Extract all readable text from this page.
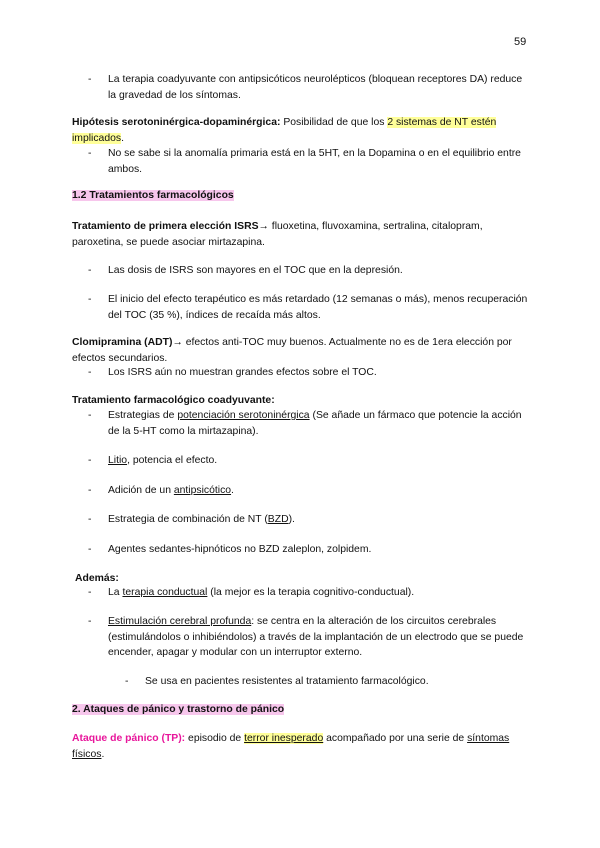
59
-	La terapia coadyuvante con antipsicóticos neurolépticos (bloquean receptores DA) reduce la gravedad de los síntomas.

Hipótesis serotoninérgica-dopaminérgica: Posibilidad de que los 2 sistemas de NT estén
implicados.

-	No se sabe si la anomalía primaria está en la 5HT, en la Dopamina o en el equilibrio entre ambos.

1.2 Tratamientos farmacológicos

Tratamiento de primera elección ISRS→ fluoxetina, fluvoxamina, sertralina, citalopram, paroxetina, se puede asociar mirtazapina.

-	Las dosis de ISRS son mayores en el TOC que en la depresión.
-	El inicio del efecto terapéutico es más retardado (12 semanas o más), menos recuperación del TOC (35 %), índices de recaída más altos.

Clomipramina (ADT)→ efectos anti-TOC muy buenos. Actualmente no es de 1era elección por efectos secundarios.

-	Los ISRS aún no muestran grandes efectos sobre el TOC.

Tratamiento farmacológico coadyuvante:

-	Estrategias de potenciación serotoninérgica (Se añade un fármaco que potencie la acción de la 5-HT como la mirtazapina).
-	Litio, potencia el efecto.
-	Adición de un antipsicótico.
-	Estrategia de combinación de NT (BZD).
-	Agentes sedantes-hipnóticos no BZD zaleplon, zolpidem.

Además:

-	La terapia conductual (la mejor es la terapia cognitivo-conductual).
-	Estimulación cerebral profunda: se centra en la alteración de los circuitos cerebrales (estimulándolos o inhibiéndolos) a través de la implantación de un electrodo que se puede encender, apagar y modular con un interruptor externo.
-	Se usa en pacientes resistentes al tratamiento farmacológico.

2. Ataques de pánico y trastorno de pánico

Ataque de pánico (TP): episodio de terror inesperado acompañado por una serie de síntomas físicos.
